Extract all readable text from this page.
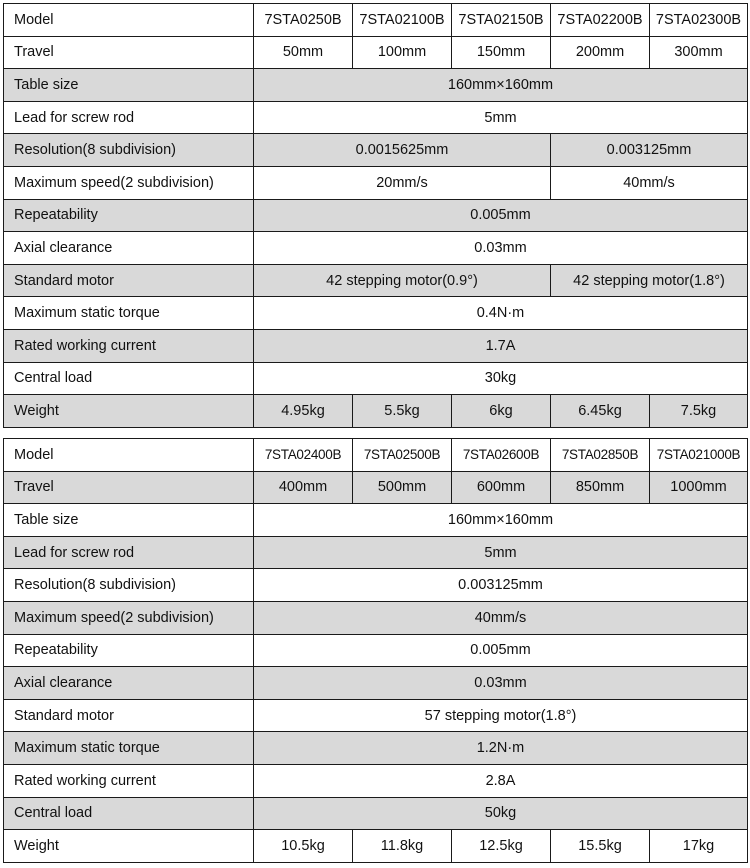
Model	7STA0250B	7STA02100B	7STA02150B	7STA02200B	7STA02300B
Travel	50mm	100mm	150mm	200mm	300mm
Table size	160mm×160mm				
Lead for screw rod	5mm				
Resolution(8 subdivision)	0.0015625mm			0.003125mm	
Maximum speed(2 subdivision)	20mm/s			40mm/s	
Repeatability	0.005mm				
Axial clearance	0.03mm				
Standard motor	42 stepping motor(0.9°)			42 stepping motor(1.8°)	
Maximum static torque	0.4N·m				
Rated working current	1.7A				
Central load	30kg				
Weight	4.95kg	5.5kg	6kg	6.45kg	7.5kg
Model	7STA02400B	7STA02500B	7STA02600B	7STA02850B	7STA021000B
Travel	400mm	500mm	600mm	850mm	1000mm
Table size	160mm×160mm				
Lead for screw rod	5mm				
Resolution(8 subdivision)	0.003125mm				
Maximum speed(2 subdivision)	40mm/s				
Repeatability	0.005mm				
Axial clearance	0.03mm				
Standard motor	57 stepping motor(1.8°)				
Maximum static torque	1.2N·m				
Rated working current	2.8A				
Central load	50kg				
Weight	10.5kg	11.8kg	12.5kg	15.5kg	17kg
